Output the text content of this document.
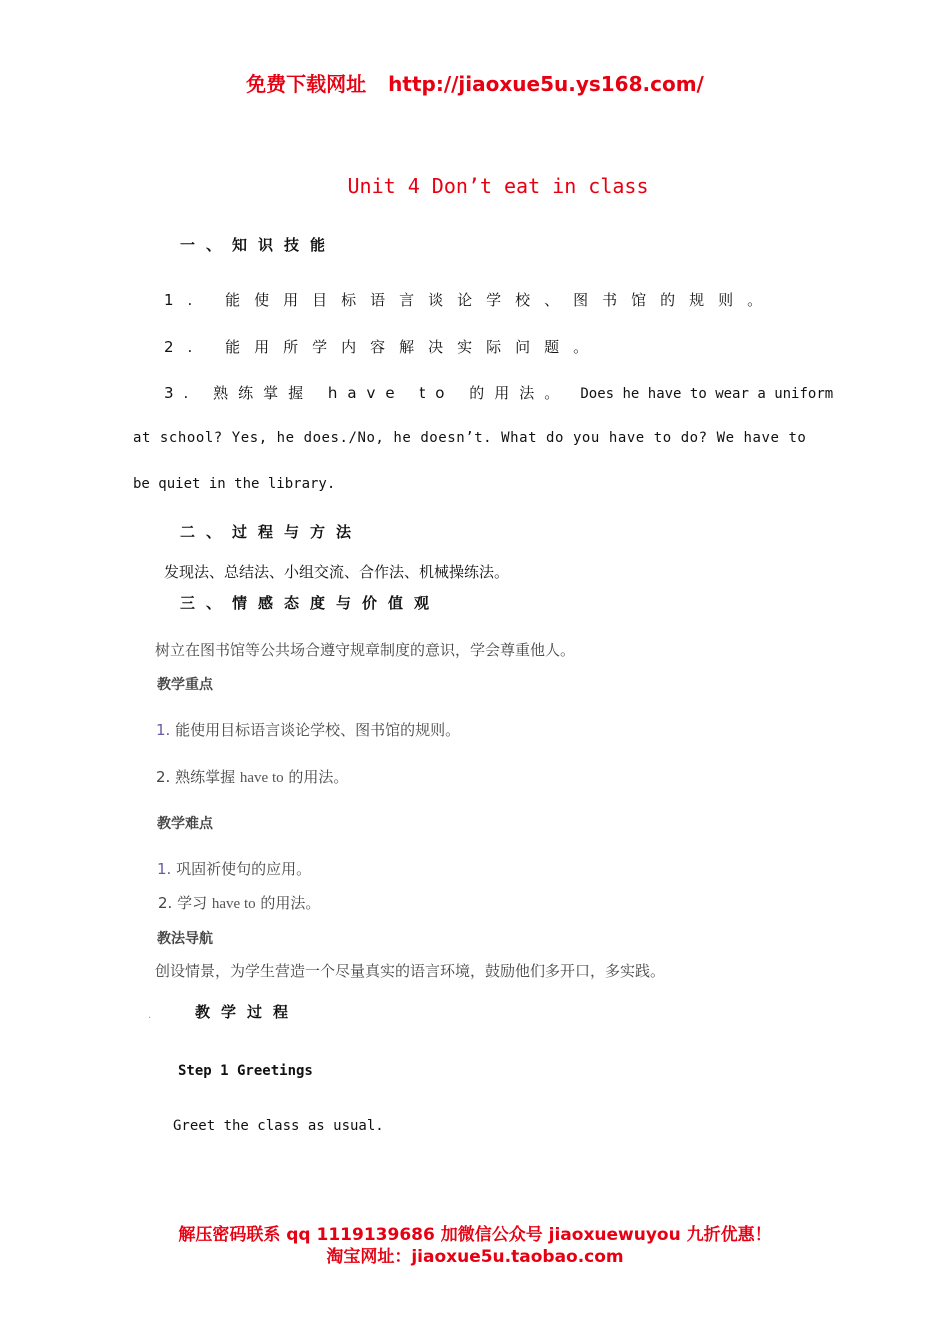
免费下载网址 http://jiaoxue5u.ys168.com/
Unit 4 Don’t eat in class
一、知识技能
1. 能使用目标语言谈论学校、图书馆的规则。
2. 能用所学内容解决实际问题。
3. 熟练掌握 have to 的用法。 Does he have to wear a uniform
at school? Yes, he does./No, he doesn’t. What do you have to do? We have to
be quiet in the library.
二、过程与方法
发现法、总结法、小组交流、合作法、机械操练法。
三、情感态度与价值观
树立在图书馆等公共场合遵守规章制度的意识，学会尊重他人。
教学重点
1. 能使用目标语言谈论学校、图书馆的规则。
2. 熟练掌握 have to 的用法。
教学难点
1. 巩固祈使句的应用。
2. 学习 have to 的用法。
教法导航
创设情景，为学生营造一个尽量真实的语言环境，鼓励他们多开口，多实践。
.	教学过程
Step 1 Greetings
Greet the class as usual.
解压密码联系 qq 1119139686 加微信公众号 jiaoxuewuyou 九折优惠！
淘宝网址：jiaoxue5u.taobao.com
